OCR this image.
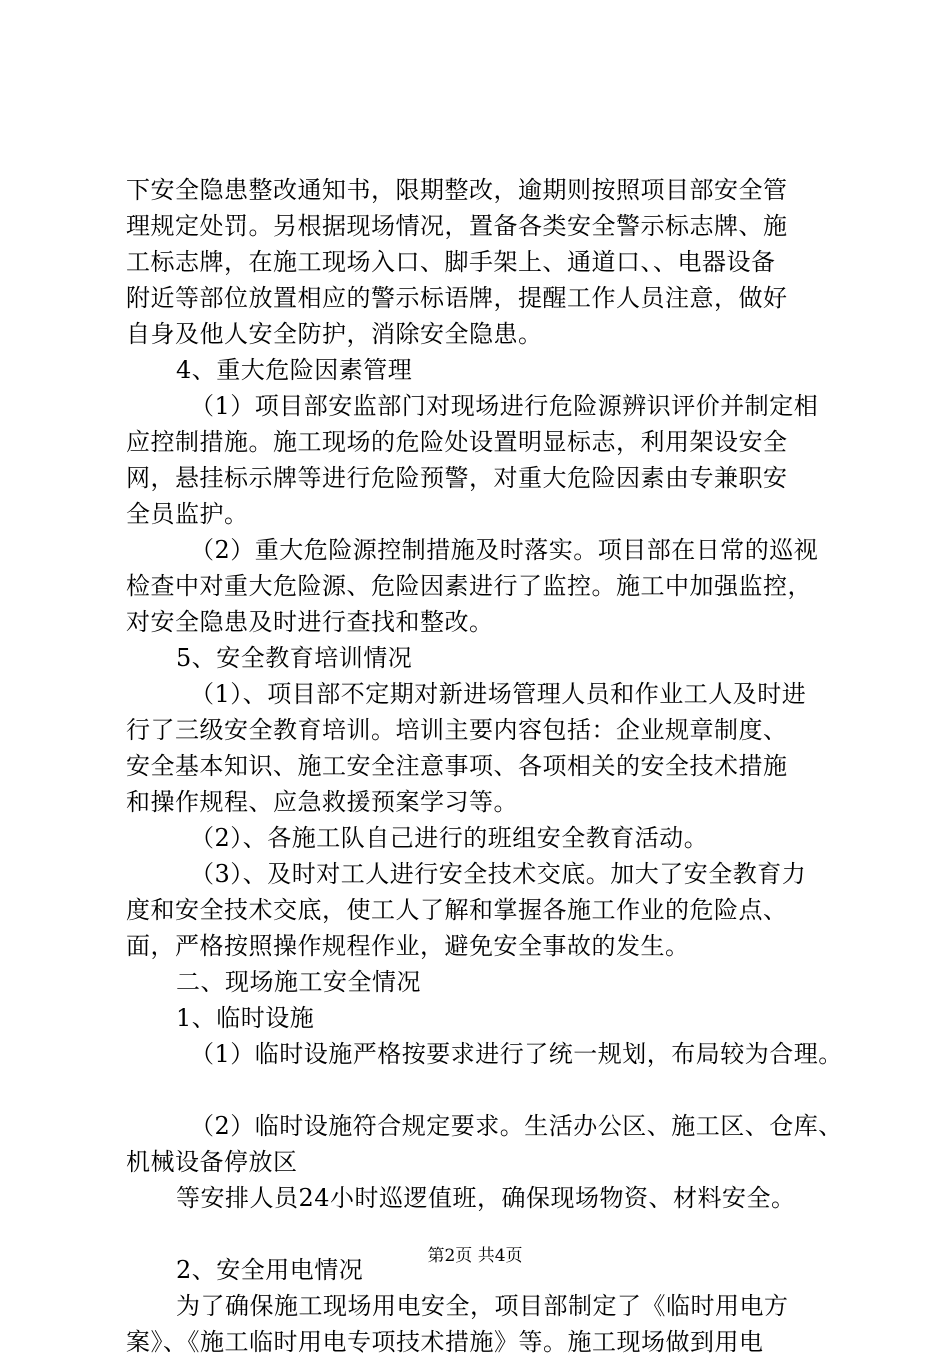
下安全隐患整改通知书，限期整改，逾期则按照项目部安全管
理规定处罚。另根据现场情况，置备各类安全警示标志牌、施
工标志牌，在施工现场入口、脚手架上、通道口、、电器设备
附近等部位放置相应的警示标语牌，提醒工作人员注意，做好
自身及他人安全防护，消除安全隐患。
4、重大危险因素管理
（1）项目部安监部门对现场进行危险源辨识评价并制定相
应控制措施。施工现场的危险处设置明显标志，利用架设安全
网，悬挂标示牌等进行危险预警，对重大危险因素由专兼职安
全员监护。
（2）重大危险源控制措施及时落实。项目部在日常的巡视
检查中对重大危险源、危险因素进行了监控。施工中加强监控，
对安全隐患及时进行查找和整改。
5、安全教育培训情况
（1）、项目部不定期对新进场管理人员和作业工人及时进
行了三级安全教育培训。培训主要内容包括：企业规章制度、
安全基本知识、施工安全注意事项、各项相关的安全技术措施
和操作规程、应急救援预案学习等。
（2）、各施工队自己进行的班组安全教育活动。
（3）、及时对工人进行安全技术交底。加大了安全教育力
度和安全技术交底，使工人了解和掌握各施工作业的危险点、
面，严格按照操作规程作业，避免安全事故的发生。
二、现场施工安全情况
1、临时设施
（1）临时设施严格按要求进行了统一规划，布局较为合理。
（2）临时设施符合规定要求。生活办公区、施工区、仓库、
机械设备停放区
等安排人员24小时巡逻值班，确保现场物资、材料安全。
2、安全用电情况
为了确保施工现场用电安全，项目部制定了《临时用电方
案》、《施工临时用电专项技术措施》等。施工现场做到用电
第2页 共4页
